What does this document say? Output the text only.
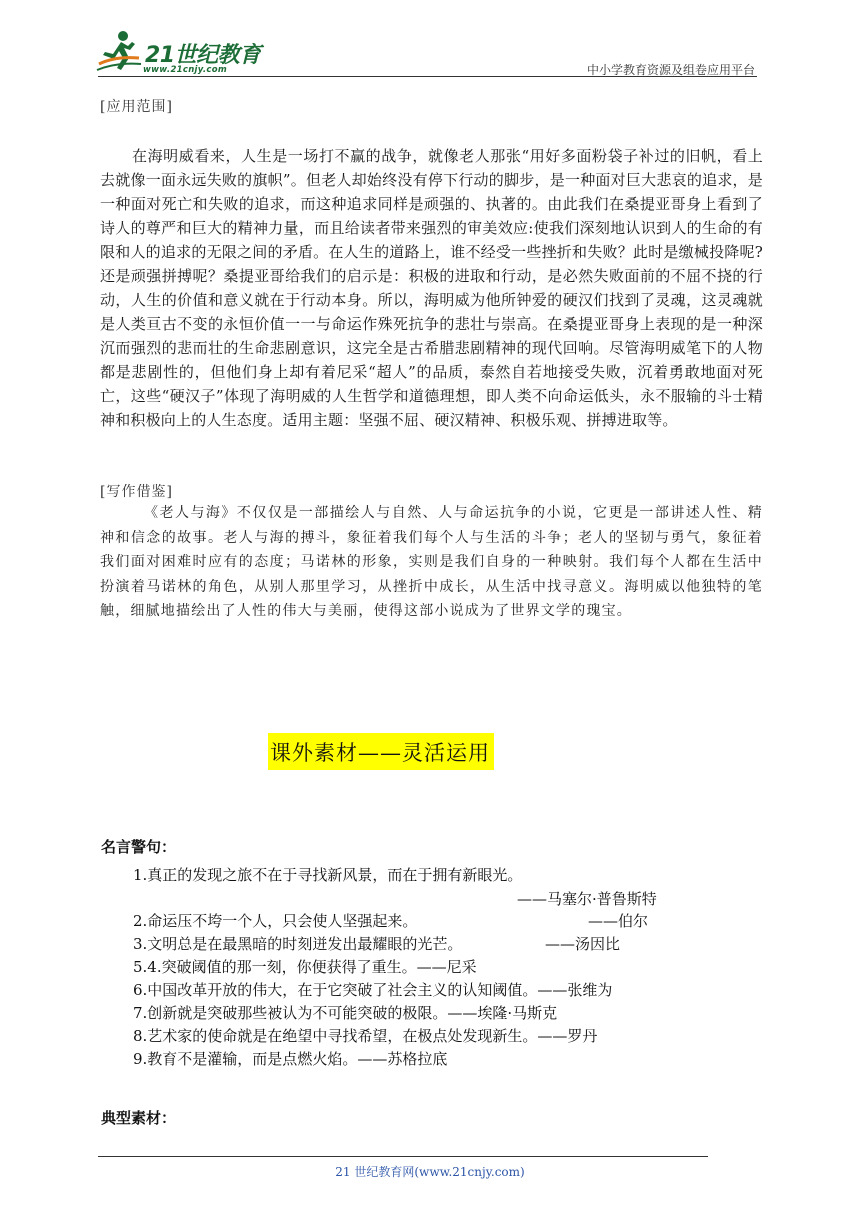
21世纪教育
www.21cnjy.com	中小学教育资源及组卷应用平台
[应用范围]
在海明威看来，人生是一场打不赢的战争，就像老人那张“用好多面粉袋子补过的旧帆，看上去就像一面永远失败的旗帜”。但老人却始终没有停下行动的脚步，是一种面对巨大悲哀的追求，是一种面对死亡和失败的追求，而这种追求同样是顽强的、执著的。由此我们在桑提亚哥身上看到了诗人的尊严和巨大的精神力量，而且给读者带来强烈的审美效应:使我们深刻地认识到人的生命的有限和人的追求的无限之间的矛盾。在人生的道路上，谁不经受一些挫折和失败？此时是缴械投降呢?还是顽强拼搏呢？桑提亚哥给我们的启示是：积极的进取和行动，是必然失败面前的不屈不挠的行动，人生的价值和意义就在于行动本身。所以，海明威为他所钟爱的硬汉们找到了灵魂，这灵魂就是人类亘古不变的永恒价值一一与命运作殊死抗争的悲壮与崇高。在桑提亚哥身上表现的是一种深沉而强烈的悲而壮的生命悲剧意识，这完全是古希腊悲剧精神的现代回响。尽管海明威笔下的人物都是悲剧性的，但他们身上却有着尼采“超人”的品质，泰然自若地接受失败，沉着勇敢地面对死亡，这些“硬汉子”体现了海明威的人生哲学和道德理想，即人类不向命运低头，永不服输的斗士精神和积极向上的人生态度。适用主题：坚强不屈、硬汉精神、积极乐观、拼搏进取等。
[写作借鉴]
《老人与海》不仅仅是一部描绘人与自然、人与命运抗争的小说，它更是一部讲述人性、精神和信念的故事。老人与海的搏斗，象征着我们每个人与生活的斗争；老人的坚韧与勇气，象征着我们面对困难时应有的态度；马诺林的形象，实则是我们自身的一种映射。我们每个人都在生活中扮演着马诺林的角色，从别人那里学习，从挫折中成长，从生活中找寻意义。海明威以他独特的笔触，细腻地描绘出了人性的伟大与美丽，使得这部小说成为了世界文学的瑰宝。
课外素材——灵活运用
名言警句：
1.真正的发现之旅不在于寻找新风景，而在于拥有新眼光。
——马塞尔·普鲁斯特
2.命运压不垮一个人，只会使人坚强起来。	——伯尔
3.文明总是在最黑暗的时刻迸发出最耀眼的光芒。	——汤因比
5.4.突破阈值的那一刻，你便获得了重生。——尼采
6.中国改革开放的伟大，在于它突破了社会主义的认知阈值。——张维为
7.创新就是突破那些被认为不可能突破的极限。——埃隆·马斯克
8.艺术家的使命就是在绝望中寻找希望，在极点处发现新生。——罗丹
9.教育不是灌输，而是点燃火焰。——苏格拉底
典型素材：
21 世纪教育网(www.21cnjy.com)
